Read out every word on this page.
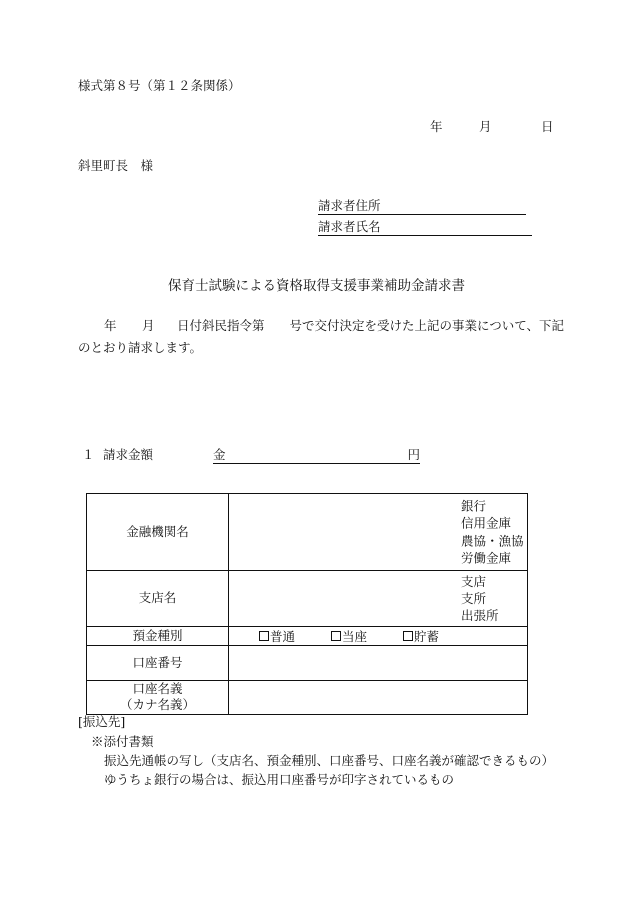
様式第８号（第１２条関係）
年	月	日
斜里町長　様
請求者住所
請求者氏名
保育士試験による資格取得支援事業補助金請求書
年 月 日付斜民指令第　　号で交付決定を受けた上記の事業について、下記
のとおり請求します。
１ 請求金額	金	円
金融機関名	銀行
信用金庫
農協・漁協
労働金庫

支店名	支店
支所
出張所

預金種別	普通 当座 貯蓄

口座番号	

口座名義
（カナ名義）	

[振込先]
※添付書類
振込先通帳の写し（支店名、預金種別、口座番号、口座名義が確認できるもの）
ゆうちょ銀行の場合は、振込用口座番号が印字されているもの
